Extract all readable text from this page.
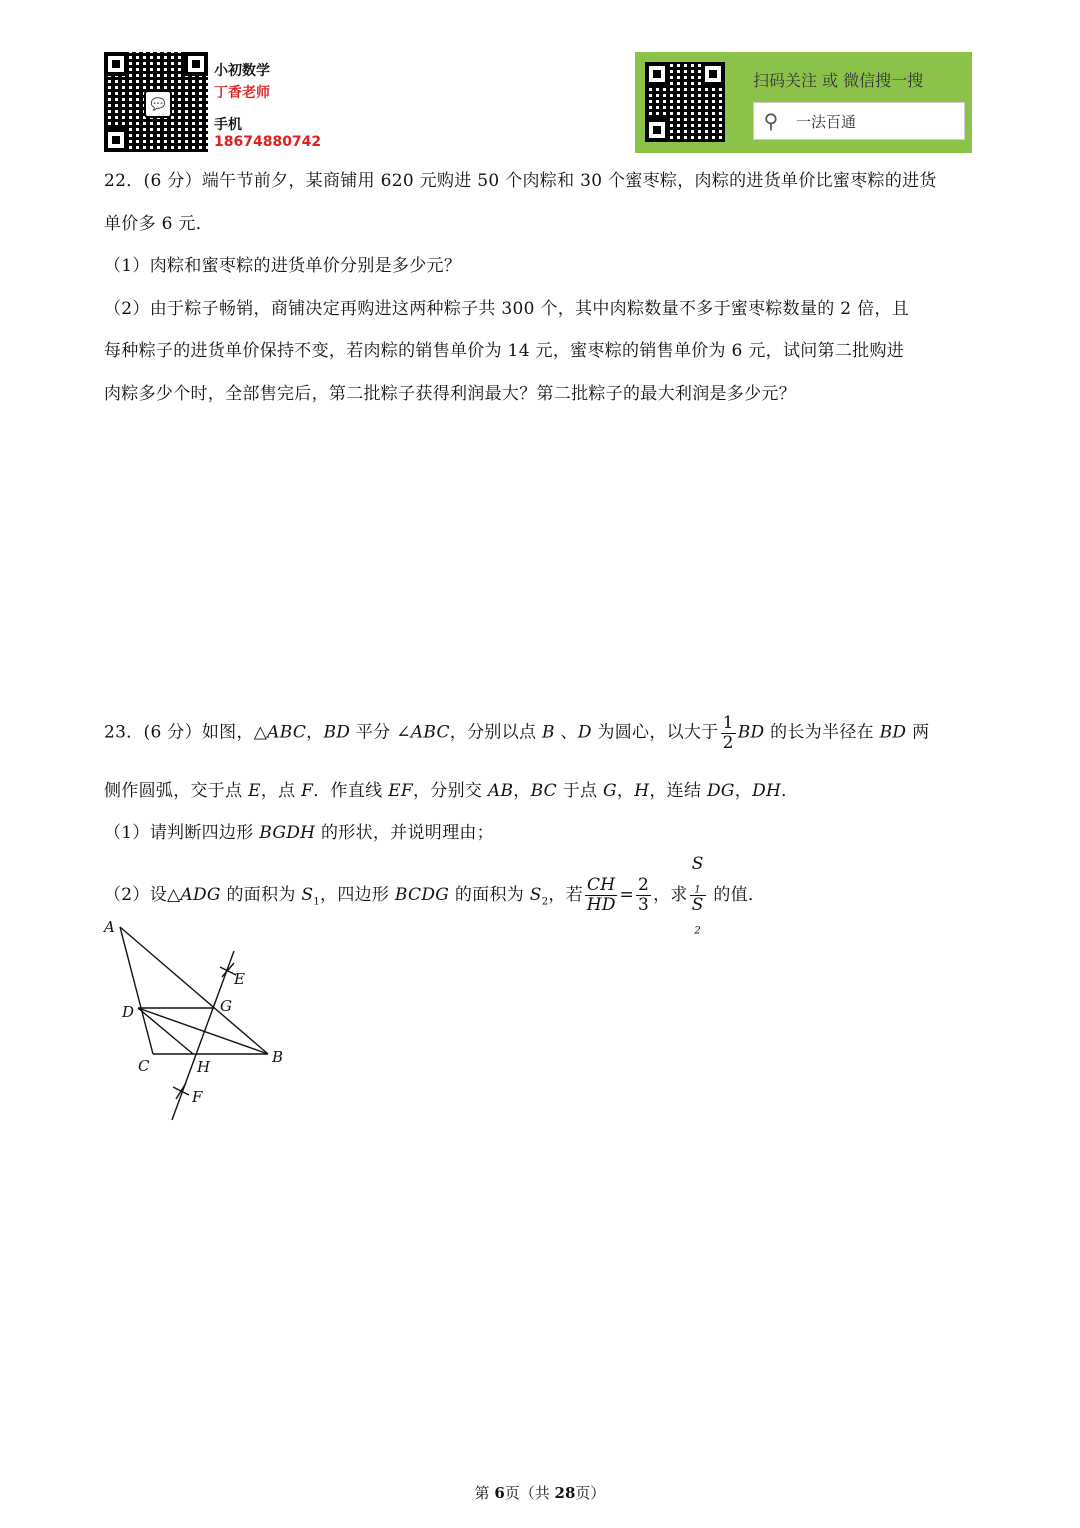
💬
小初数学
丁香老师
手机
18674880742
扫码关注 或 微信搜一搜
⚲	一法百通
22．(6 分）端午节前夕，某商铺用 620 元购进 50 个肉粽和 30 个蜜枣粽，肉粽的进货单价比蜜枣粽的进货
单价多 6 元．
（1）肉粽和蜜枣粽的进货单价分别是多少元？
（2）由于粽子畅销，商铺决定再购进这两种粽子共 300 个，其中肉粽数量不多于蜜枣粽数量的 2 倍，且
每种粽子的进货单价保持不变，若肉粽的销售单价为 14 元，蜜枣粽的销售单价为 6 元，试问第二批购进
肉粽多少个时，全部售完后，第二批粽子获得利润最大？第二批粽子的最大利润是多少元？
23．(6 分）如图，△ABC，BD 平分 ∠ABC，分别以点 B 、D 为圆心，以大于 $\frac{1}{2}$ BD 的长为半径在 BD 两
侧作圆弧，交于点 E，点 F．作直线 EF，分别交 AB，BC 于点 G，H，连结 DG，DH．
（1）请判断四边形 BGDH 的形状，并说明理由；
（2）设△ADG 的面积为 $S_1$，四边形 BCDG 的面积为 $S_2$，若 $\frac{CH}{HD} = \frac{2}{3}$ ，求 S
$_1$
S
$_2$ 的值．
A
B
C
D
E
F
G
H
第 6页（共 28页）
